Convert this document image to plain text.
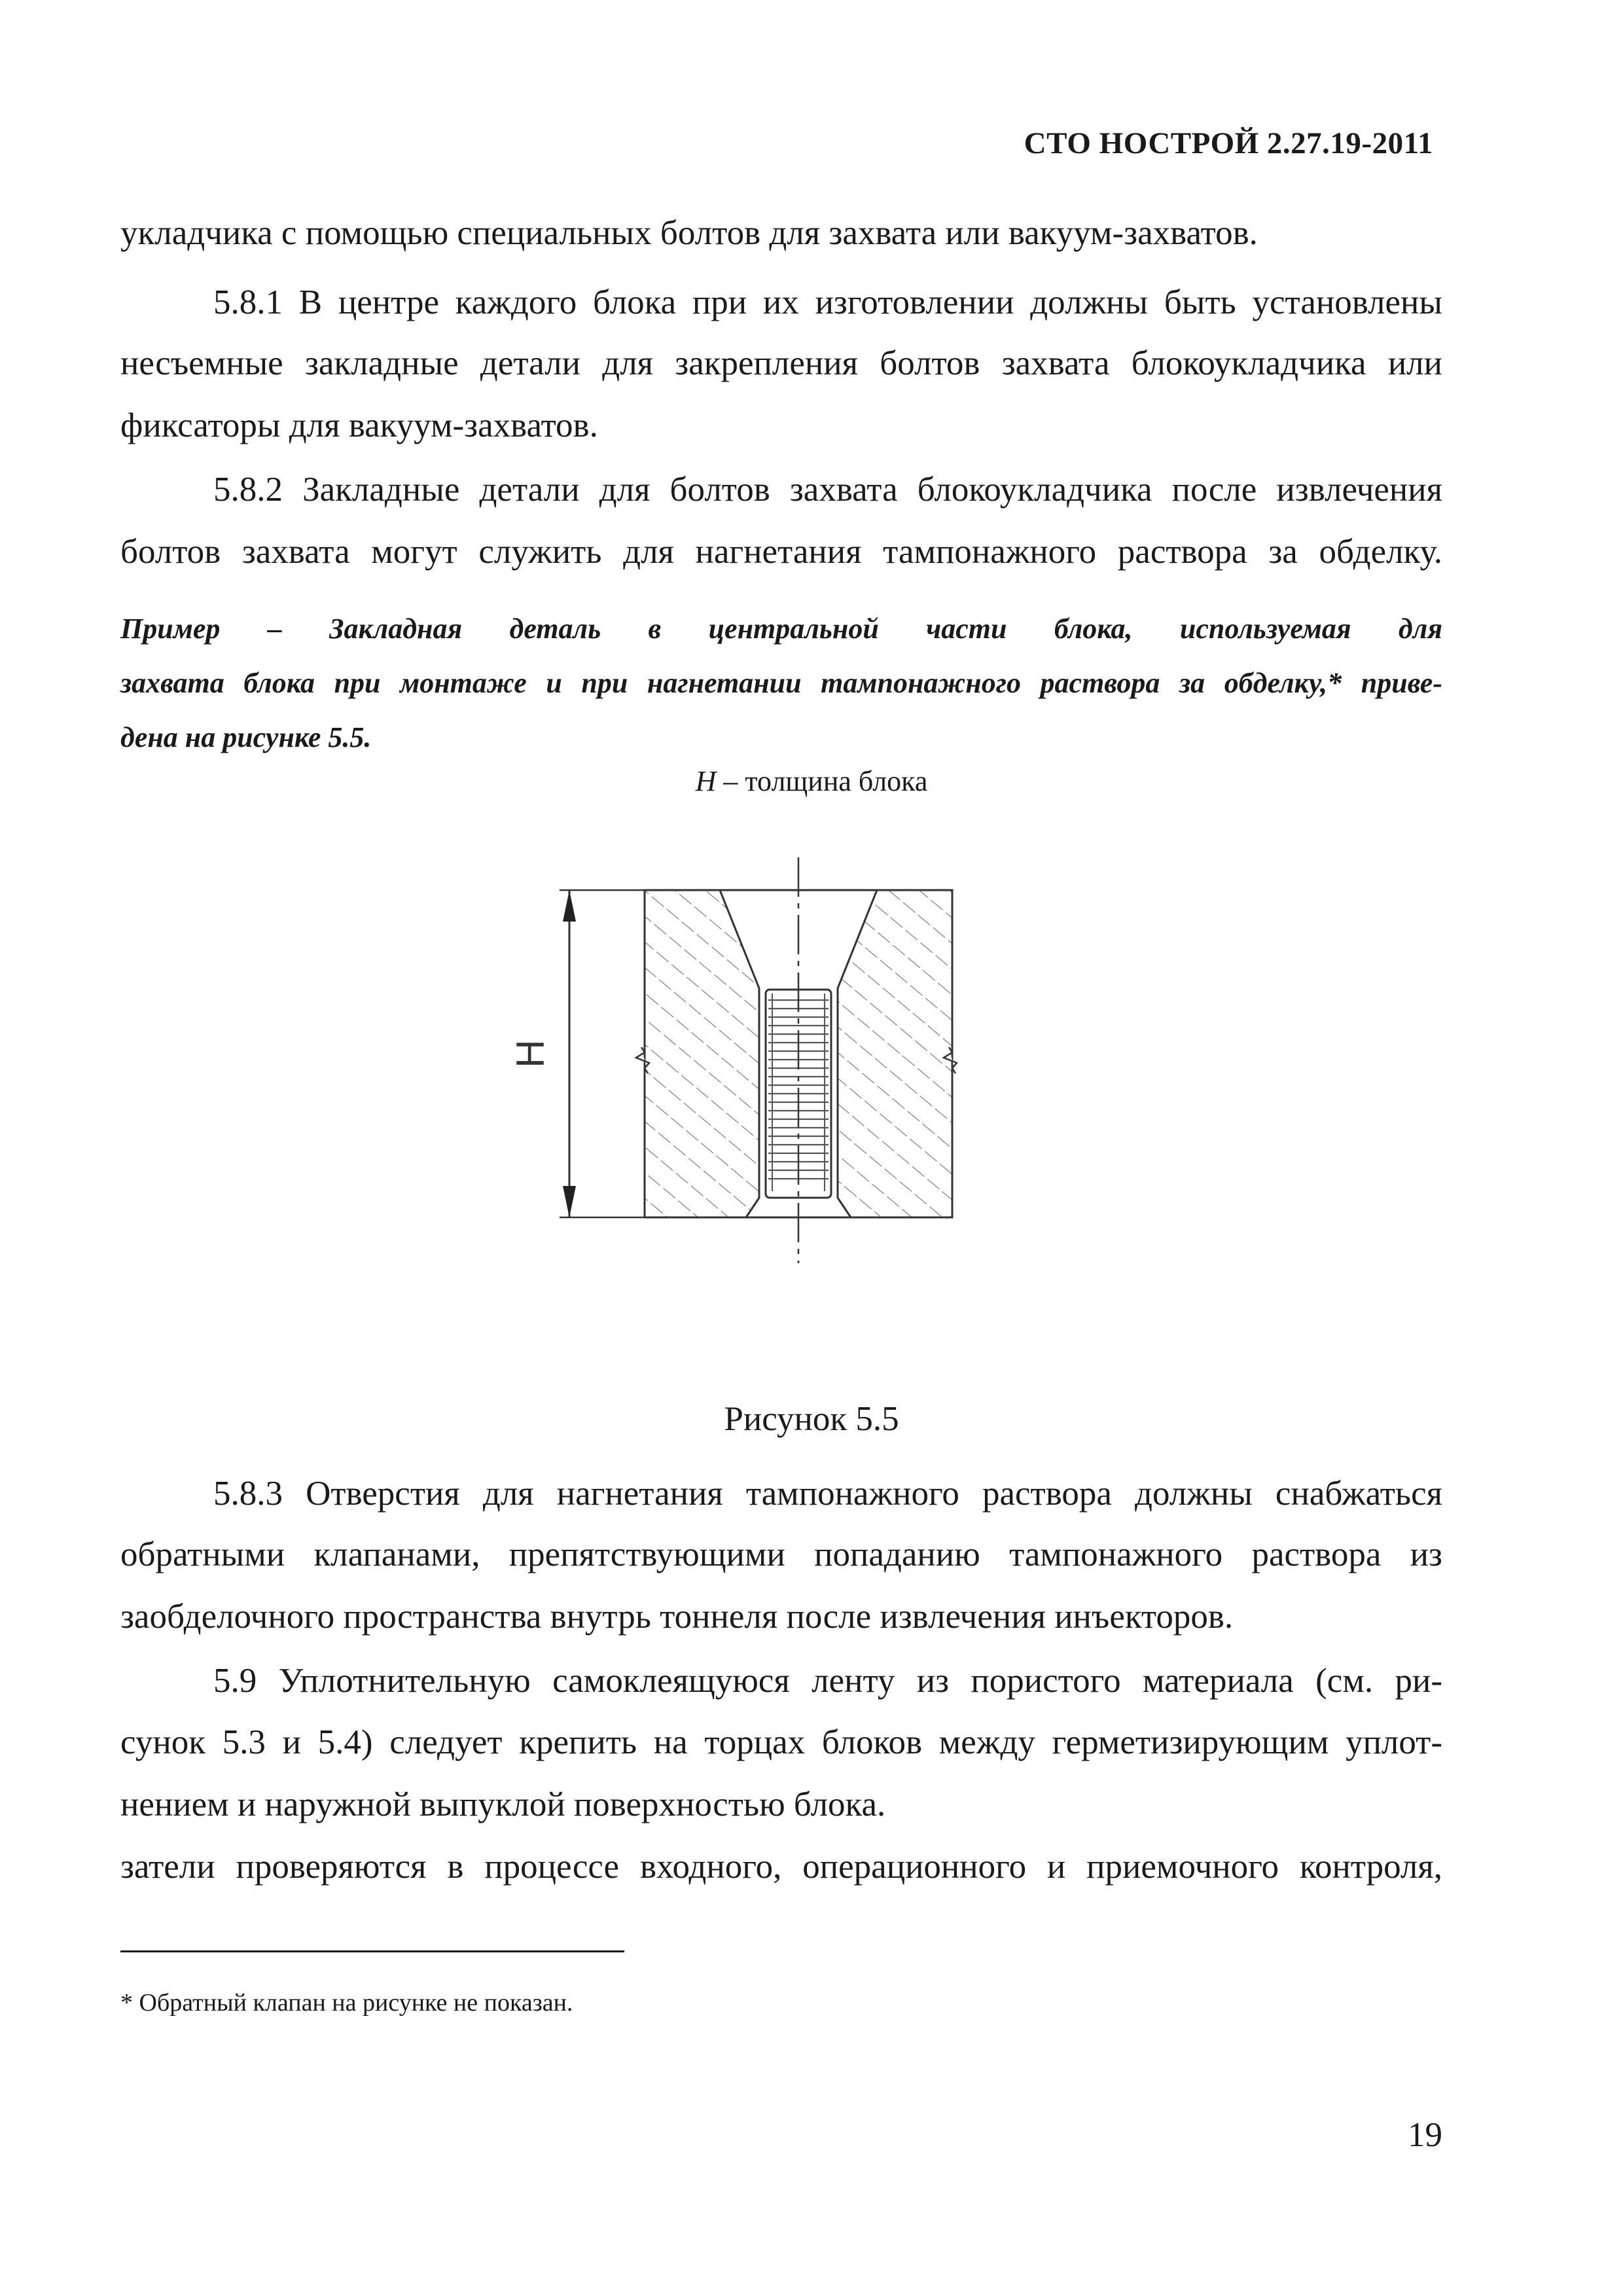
СТО НОСТРОЙ 2.27.19-2011
укладчика с помощью специальных болтов для захвата или вакуум-захватов.
5.8.1 В центре каждого блока при их изготовлении должны быть установлены
несъемные закладные детали для закрепления болтов захвата блокоукладчика или
фиксаторы для вакуум-захватов.
5.8.2 Закладные детали для болтов захвата блокоукладчика после извлечения
болтов захвата могут служить для нагнетания тампонажного раствора за обделку.
Пример – Закладная деталь в центральной части блока, используемая для
захвата блока при монтаже и при нагнетании тампонажного раствора за обделку,* приве-
дена на рисунке 5.5.
H – толщина блока
H
Рисунок 5.5
5.8.3 Отверстия для нагнетания тампонажного раствора должны снабжаться
обратными клапанами, препятствующими попаданию тампонажного раствора из
заобделочного пространства внутрь тоннеля после извлечения инъекторов.
5.9 Уплотнительную самоклеящуюся ленту из пористого материала (см. ри-
сунок 5.3 и 5.4) следует крепить на торцах блоков между герметизирующим уплот-
нением и наружной выпуклой поверхностью блока.
затели проверяются в процессе входного, операционного и приемочного контроля,
* Обратный клапан на рисунке не показан.
19
